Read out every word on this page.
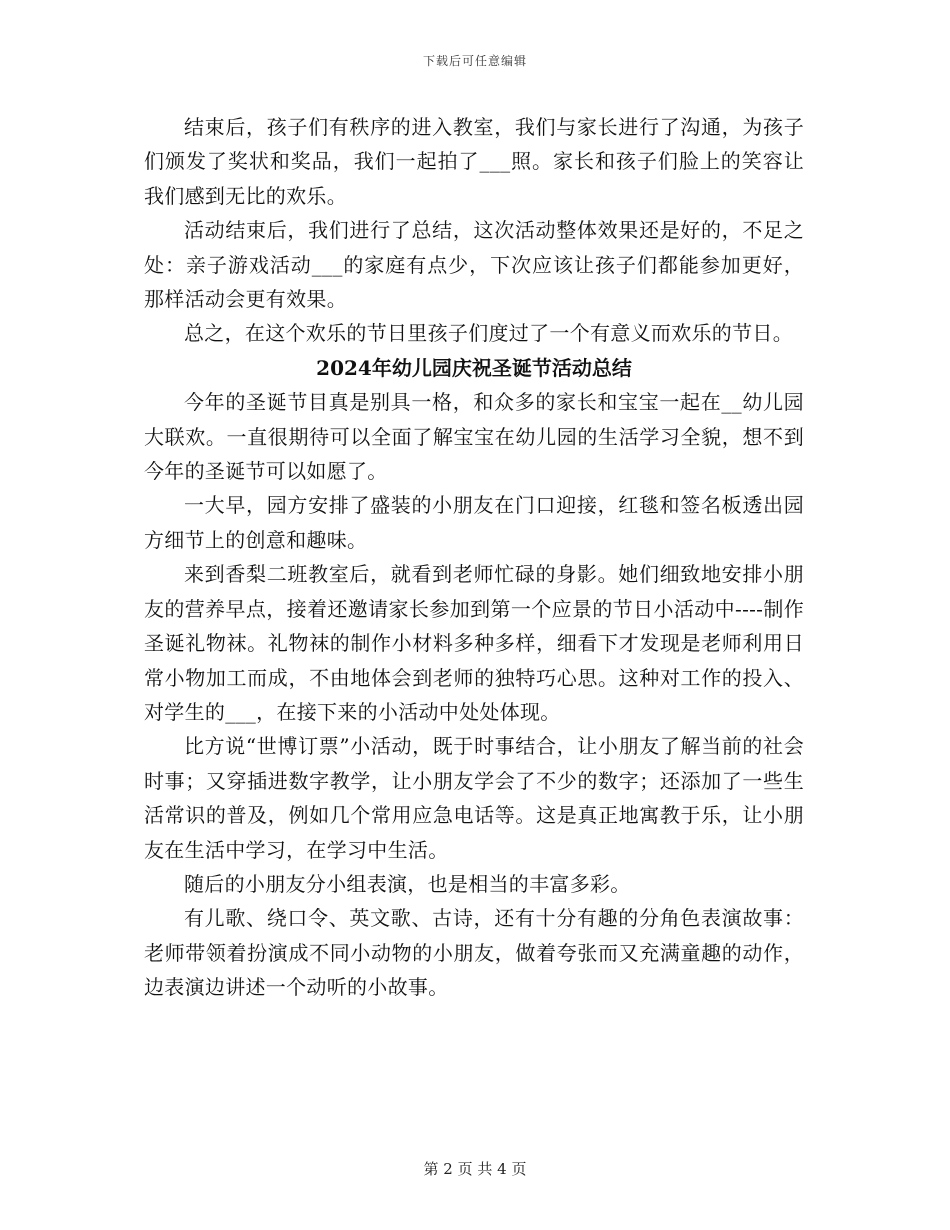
下载后可任意编辑

结束后，孩子们有秩序的进入教室，我们与家长进行了沟通，为孩子们颁发了奖状和奖品，我们一起拍了___照。家长和孩子们脸上的笑容让我们感到无比的欢乐。

活动结束后，我们进行了总结，这次活动整体效果还是好的，不足之处：亲子游戏活动___的家庭有点少，下次应该让孩子们都能参加更好，那样活动会更有效果。

总之，在这个欢乐的节日里孩子们度过了一个有意义而欢乐的节日。

2024年幼儿园庆祝圣诞节活动总结

今年的圣诞节目真是别具一格，和众多的家长和宝宝一起在__幼儿园大联欢。一直很期待可以全面了解宝宝在幼儿园的生活学习全貌，想不到今年的圣诞节可以如愿了。

一大早，园方安排了盛装的小朋友在门口迎接，红毯和签名板透出园方细节上的创意和趣味。

来到香梨二班教室后，就看到老师忙碌的身影。她们细致地安排小朋友的营养早点，接着还邀请家长参加到第一个应景的节日小活动中----制作圣诞礼物袜。礼物袜的制作小材料多种多样，细看下才发现是老师利用日常小物加工而成，不由地体会到老师的独特巧心思。这种对工作的投入、对学生的___，在接下来的小活动中处处体现。

比方说“世博订票”小活动，既于时事结合，让小朋友了解当前的社会时事；又穿插进数字教学，让小朋友学会了不少的数字；还添加了一些生活常识的普及，例如几个常用应急电话等。这是真正地寓教于乐，让小朋友在生活中学习，在学习中生活。

随后的小朋友分小组表演，也是相当的丰富多彩。

有儿歌、绕口令、英文歌、古诗，还有十分有趣的分角色表演故事：老师带领着扮演成不同小动物的小朋友，做着夸张而又充满童趣的动作，边表演边讲述一个动听的小故事。

第 2 页 共 4 页
